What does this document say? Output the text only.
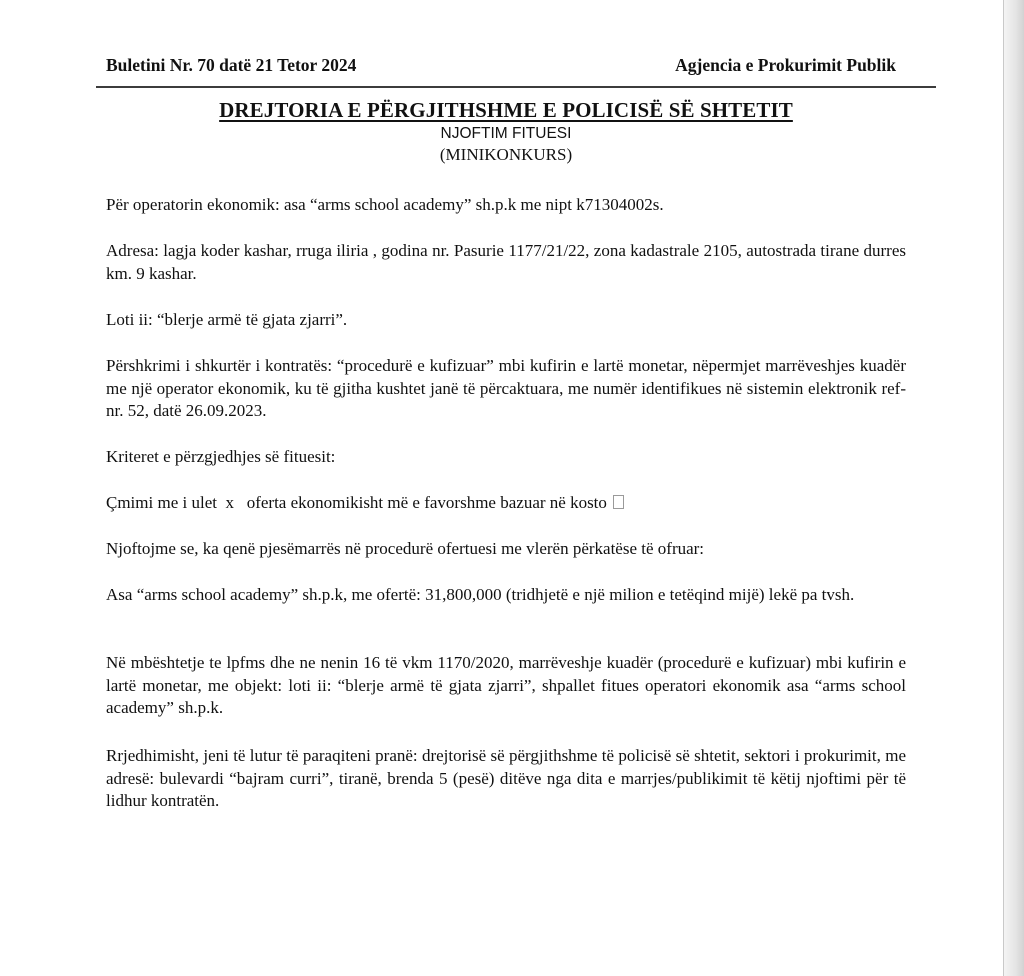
Buletini Nr. 70 datë 21 Tetor 2024	Agjencia e Prokurimit Publik
DREJTORIA E PËRGJITHSHME E POLICISË SË SHTETIT
NJOFTIM FITUESI
(MINIKONKURS)

Për operatorin ekonomik: asa “arms school academy” sh.p.k me nipt k71304002s.

Adresa: lagja koder kashar, rruga iliria , godina nr. Pasurie 1177/21/22, zona kadastrale 2105, autostrada tirane durres km. 9 kashar.

Loti ii: “blerje armë të gjata zjarri”.

Përshkrimi i shkurtër i kontratës: “procedurë e kufizuar” mbi kufirin e lartë monetar, nëpermjet marrëveshjes kuadër me një operator ekonomik, ku të gjitha kushtet janë të përcaktuara, me numër identifikues në sistemin elektronik ref- nr. 52, datë 26.09.2023.

Kriteret e përzgjedhjes së fituesit:

Çmimi me i ulet x oferta ekonomikisht më e favorshme bazuar në kosto

Njoftojme se, ka qenë pjesëmarrës në procedurë ofertuesi me vlerën përkatëse të ofruar:

Asa “arms school academy” sh.p.k, me ofertë: 31,800,000 (tridhjetë e një milion e tetëqind mijë) lekë pa tvsh.

Në mbështetje te lpfms dhe ne nenin 16 të vkm 1170/2020, marrëveshje kuadër (procedurë e kufizuar) mbi kufirin e lartë monetar, me objekt: loti ii: “blerje armë të gjata zjarri”, shpallet fitues operatori ekonomik asa “arms school academy” sh.p.k.

Rrjedhimisht, jeni të lutur të paraqiteni pranë: drejtorisë së përgjithshme të policisë së shtetit, sektori i prokurimit, me adresë: bulevardi “bajram curri”, tiranë, brenda 5 (pesë) ditëve nga dita e marrjes/publikimit të këtij njoftimi për të lidhur kontratën.
